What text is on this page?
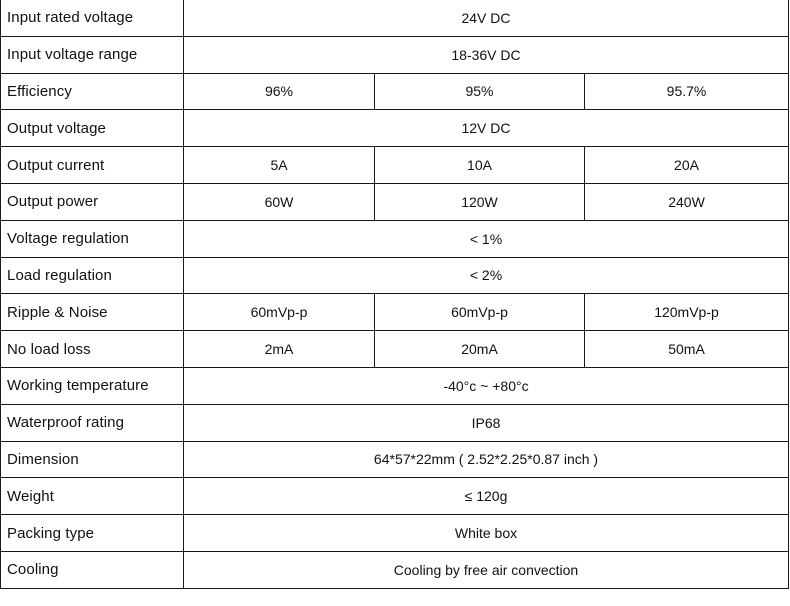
Input rated voltage	24V DC		
Input voltage range	18-36V DC		
Efficiency	96%	95%	95.7%
Output voltage	12V DC		
Output current	5A	10A	20A
Output power	60W	120W	240W
Voltage regulation	< 1%		
Load regulation	< 2%		
Ripple & Noise	60mVp-p	60mVp-p	120mVp-p
No load loss	2mA	20mA	50mA
Working temperature	-40°c ~ +80°c		
Waterproof rating	IP68		
Dimension	64*57*22mm ( 2.52*2.25*0.87 inch )		
Weight	≤ 120g		
Packing type	White box		
Cooling	Cooling by free air convection		
